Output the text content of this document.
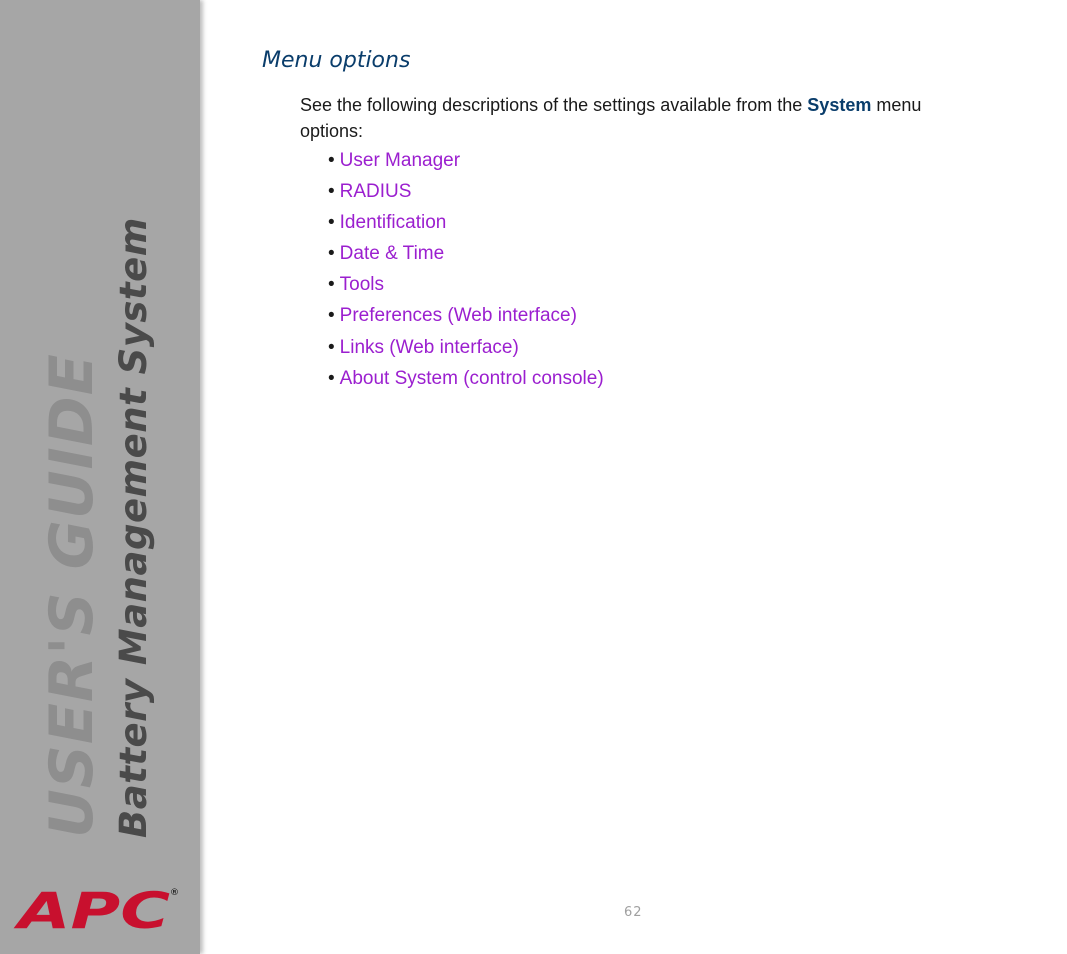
USER'S GUIDE Battery Management System
APC ®
Menu options

See the following descriptions of the settings available from the System menu options:

• User Manager
• RADIUS
• Identification
• Date & Time
• Tools
• Preferences (Web interface)
• Links (Web interface)
• About System (control console)
62
